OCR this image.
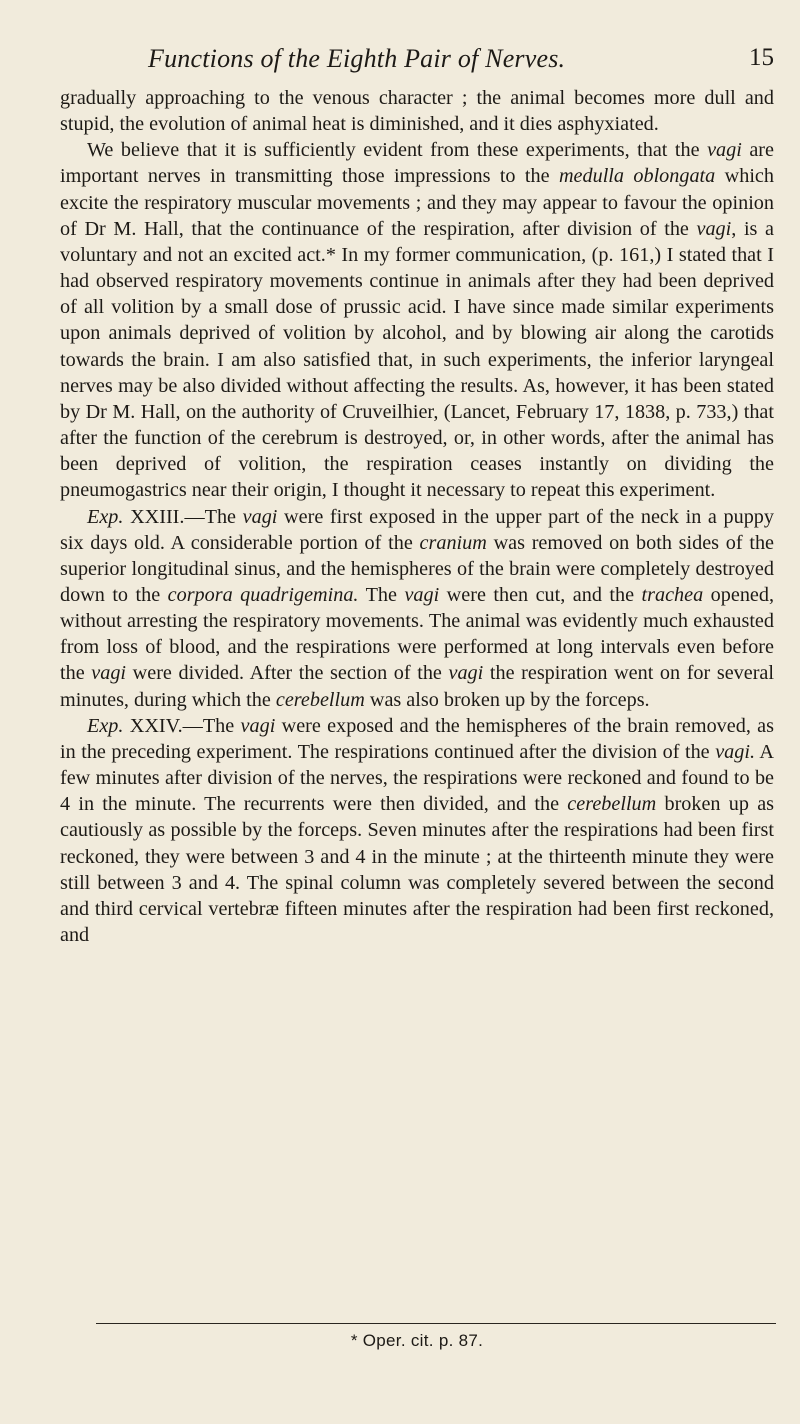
Functions of the Eighth Pair of Nerves.	15

gradually approaching to the venous character ; the animal becomes more dull and stupid, the evolution of animal heat is diminished, and it dies asphyxiated.

We believe that it is sufficiently evident from these experiments, that the vagi are important nerves in transmitting those impressions to the medulla oblongata which excite the respiratory muscular movements ; and they may appear to favour the opinion of Dr M. Hall, that the continuance of the respiration, after division of the vagi, is a voluntary and not an excited act.* In my former communication, (p. 161,) I stated that I had observed respiratory movements continue in animals after they had been deprived of all volition by a small dose of prussic acid. I have since made similar experiments upon animals deprived of volition by alcohol, and by blowing air along the carotids towards the brain. I am also satisfied that, in such experiments, the inferior laryngeal nerves may be also divided without affecting the results. As, however, it has been stated by Dr M. Hall, on the authority of Cruveilhier, (Lancet, February 17, 1838, p. 733,) that after the function of the cerebrum is destroyed, or, in other words, after the animal has been deprived of volition, the respiration ceases instantly on dividing the pneumogastrics near their origin, I thought it necessary to repeat this experiment.

Exp. XXIII.—The vagi were first exposed in the upper part of the neck in a puppy six days old. A considerable portion of the cranium was removed on both sides of the superior longitudinal sinus, and the hemispheres of the brain were completely destroyed down to the corpora quadrigemina. The vagi were then cut, and the trachea opened, without arresting the respiratory movements. The animal was evidently much exhausted from loss of blood, and the respirations were performed at long intervals even before the vagi were divided. After the section of the vagi the respiration went on for several minutes, during which the cerebellum was also broken up by the forceps.

Exp. XXIV.—The vagi were exposed and the hemispheres of the brain removed, as in the preceding experiment. The respirations continued after the division of the vagi. A few minutes after division of the nerves, the respirations were reckoned and found to be 4 in the minute. The recurrents were then divided, and the cerebellum broken up as cautiously as possible by the forceps. Seven minutes after the respirations had been first reckoned, they were between 3 and 4 in the minute ; at the thirteenth minute they were still between 3 and 4. The spinal column was completely severed between the second and third cervical vertebræ fifteen minutes after the respiration had been first reckoned, and

* Oper. cit. p. 87.
